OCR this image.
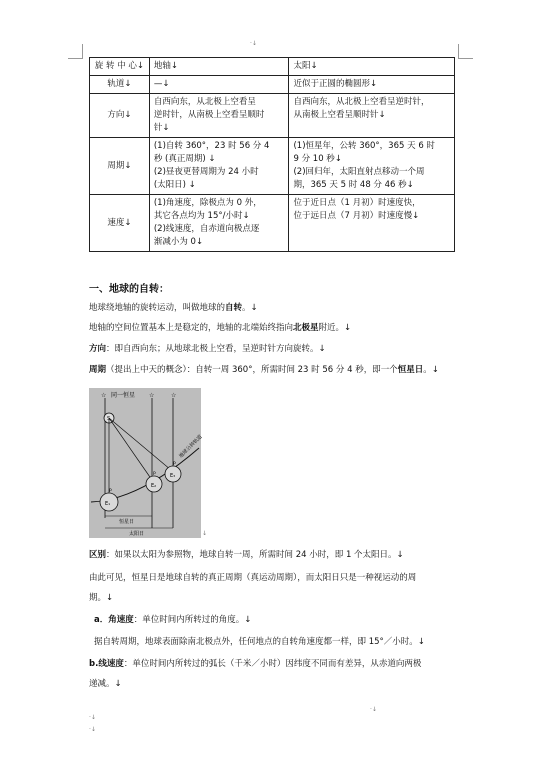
·↓
旋 转 中 心↓	地轴↓	太阳↓

轨道↓	—↓	近似于正圆的椭圆形↓

方向↓	自西向东，从北极上空看呈
逆时针，从南极上空看呈顺时
针↓	自西向东，从北极上空看呈逆时针，
从南极上空看呈顺时针↓

周期↓	(1)自转 360°，23 时 56 分 4
秒 (真正周期) ↓
(2)昼夜更替周期为 24 小时
(太阳日) ↓	(1)恒星年，公转 360°，365 天 6 时
9 分 10 秒↓
(2)回归年，太阳直射点移动一个周
期，365 天 5 时 48 分 46 秒↓

速度↓	(1)角速度，除极点为 0 外，
其它各点均为 15°/小时↓
(2)线速度，自赤道向极点逐
渐减小为 0↓	位于近日点（1 月初）时速度快，
位于远日点（7 月初）时速度慢↓
一、地球的自转：
地球绕地轴的旋转运动，叫做地球的自转。↓
地轴的空间位置基本上是稳定的，地轴的北端始终指向北极星附近。↓
方向：即自西向东；从地球北极上空看，呈逆时针方向旋转。↓
周期（提出上中天的概念）：自转一周 360°，所需时间 23 时 56 分 4 秒，即一个恒星日。↓
☆ 同一恒星 ☆	☆
S
E₁
P
E₂
P	E₃
P
地球公转轨道
恒星日
太阳日	↓
区别：如果以太阳为参照物，地球自转一周，所需时间 24 小时，即 1 个太阳日。↓
由此可见，恒星日是地球自转的真正周期（真运动周期），而太阳日只是一种视运动的周
期。↓
a．角速度：单位时间内所转过的角度。↓
据自转周期，地球表面除南北极点外，任何地点的自转角速度都一样，即 15°／小时。↓
b.线速度：单位时间内所转过的弧长（千米／小时）因纬度不同而有差异，从赤道向两极
递减。↓
·↓
·↓
·↓
